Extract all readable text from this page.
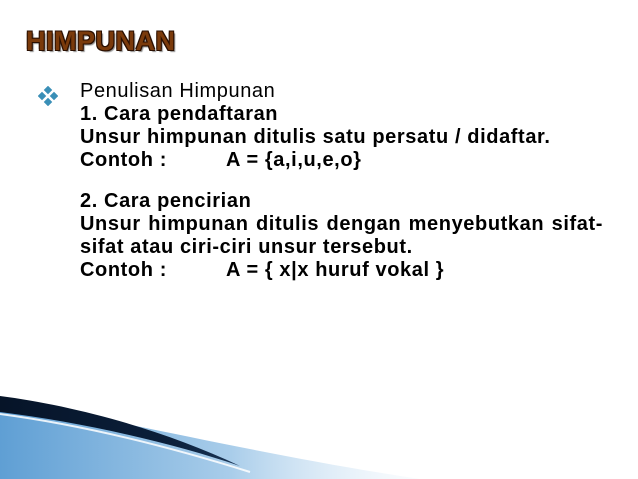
HIMPUNAN

Penulisan Himpunan

1. Cara pendaftaran

Unsur himpunan ditulis satu persatu / didaftar.

Contoh :	A = {a,i,u,e,o}

2. Cara pencirian

Unsur himpunan ditulis dengan menyebutkan sifat-sifat atau ciri-ciri unsur tersebut.

Contoh :	A = { x|x huruf vokal }
